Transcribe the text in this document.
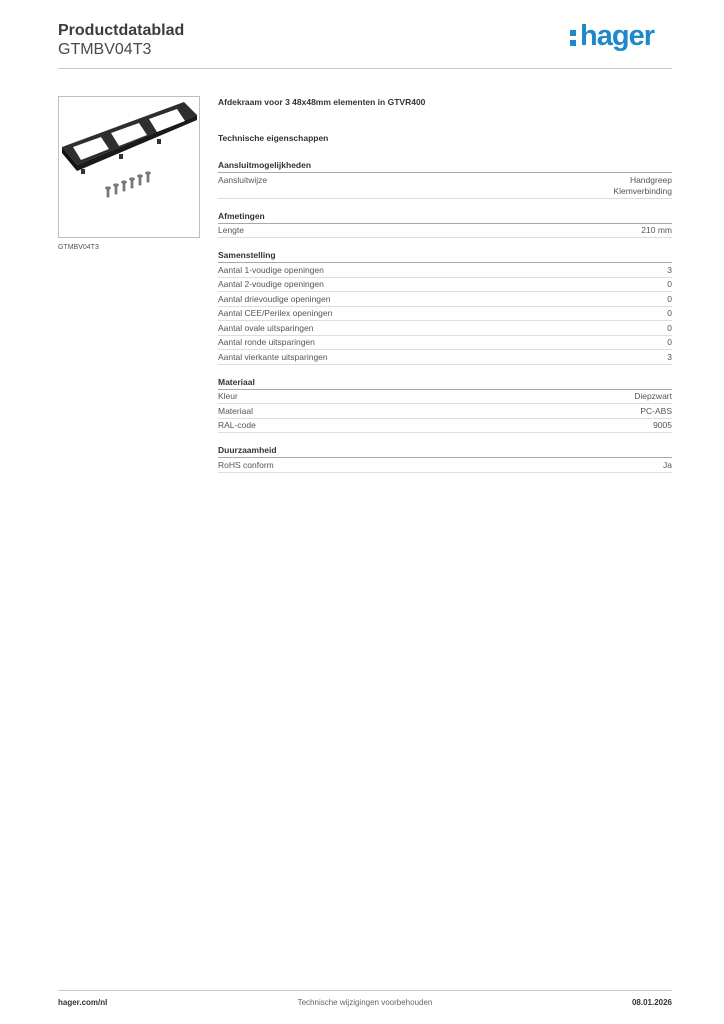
Productdatablad
GTMBV04T3	hager
GTMBV04T3
Afdekraam voor 3 48x48mm elementen in GTVR400
Technische eigenschappen
Aansluitmogelijkheden
Aansluitwijze	Handgreep
Klemverbinding
Afmetingen
Lengte	210 mm
Samenstelling
Aantal 1-voudige openingen	3
Aantal 2-voudige openingen	0
Aantal drievoudige openingen	0
Aantal CEE/Perilex openingen	0
Aantal ovale uitsparingen	0
Aantal ronde uitsparingen	0
Aantal vierkante uitsparingen	3
Materiaal
Kleur	Diepzwart
Materiaal	PC-ABS
RAL-code	9005
Duurzaamheid
RoHS conform	Ja
hager.com/nl	Technische wijzigingen voorbehouden	08.01.2026
